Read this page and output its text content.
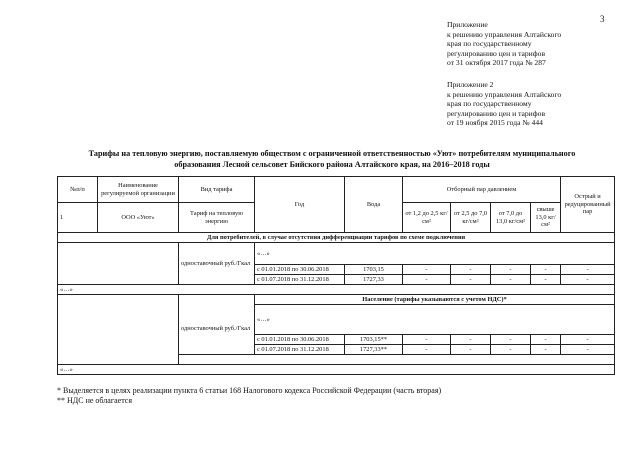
3
Приложение
к решению управления Алтайского
края по государственному
регулированию цен и тарифов
от 31 октября 2017 года № 287
Приложение 2
к решению управления Алтайского
края по государственному
регулированию цен и тарифов
от 19 ноября 2015 года № 444
Тарифы на тепловую энергию, поставляемую обществом с ограниченной ответственностью «Уют» потребителям муниципального
образования Лесной сельсовет Бийского района Алтайского края, на 2016–2018 годы
№п/п	Наименование регулируемой организации	Вид тарифа	Год	Вода	Отборный пар давлением				Острый и редуцированный пар
1	ООО «Уют»	Тариф на тепловую энергию			от 1,2 до 2,5 кг/см²	от 2,5 до 7,0 кг/см²	от 7,0 до 13,0 кг/см²	свыше 13,0 кг/см²	
Для потребителей, в случае отсутствия дифференциации тарифов по схеме подключения									
		одноставочный руб./Гкал	«…»						
			с 01.01.2018 по 30.06.2018	1703,15	-	-	-	-	-
			с 01.07.2018 по 31.12.2018	1727,33	-	-	-	-	-
«…»									
			Население (тарифы указываются с учетом НДС)*						
		одноставочный руб./Гкал	«…»						
			с 01.01.2018 по 30.06.2018	1703,15**	-	-	-	-	-
			с 01.07.2018 по 31.12.2018	1727,33**	-	-	-	-	-

«…»									
* Выделяется в целях реализации пункта 6 статьи 168 Налогового кодекса Российской Федерации (часть вторая)
** НДС не облагается
